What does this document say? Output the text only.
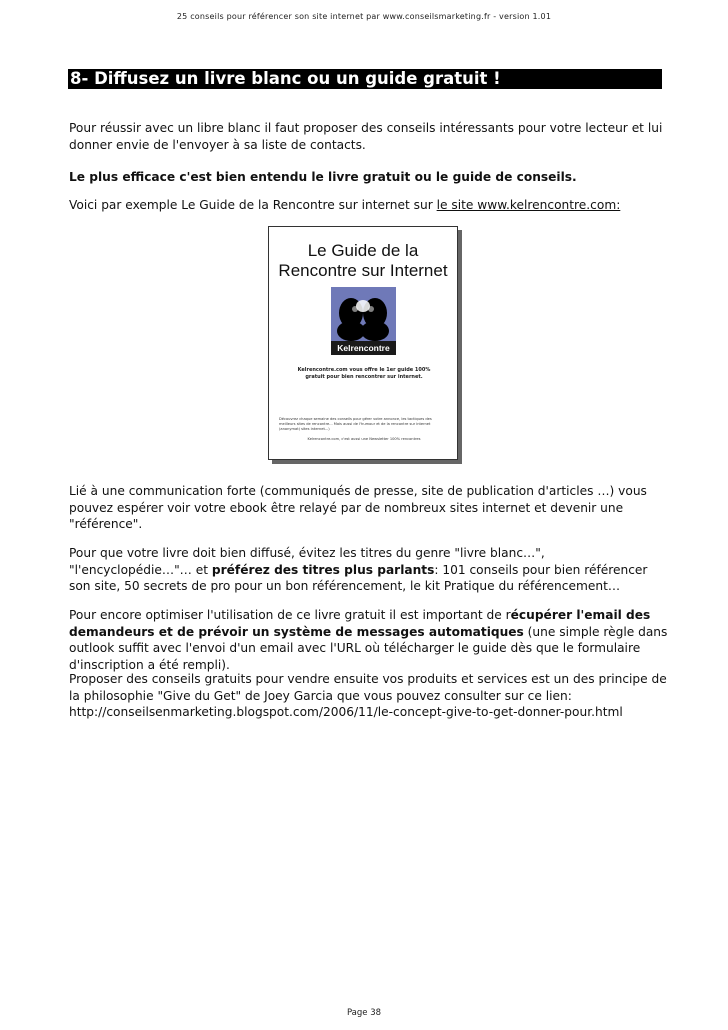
25 conseils pour référencer son site internet par www.conseilsmarketing.fr - version 1.01
8- Diffusez un livre blanc ou un guide gratuit !

Pour réussir avec un libre blanc il faut proposer des conseils intéressants pour votre lecteur et lui donner envie de l'envoyer à sa liste de contacts.

Le plus efficace c'est bien entendu le livre gratuit ou le guide de conseils.

Voici par exemple Le Guide de la Rencontre sur internet sur le site www.kelrencontre.com:

Le Guide de la
Rencontre sur Internet
Kelrencontre
Kelrencontre.com vous offre le 1er guide 100% gratuit pour bien rencontrer sur internet.
Découvrez chaque semaine des conseils pour gérer votre annonce, les tactiques des meilleurs sites de rencontre... Mais aussi de l'humour et de la rencontre sur internet (anonymat) sites internet...)
Kelrencontre.com, c'est aussi une Newsletter 100% rencontres

Lié à une communication forte (communiqués de presse, site de publication d'articles …) vous pouvez espérer voir votre ebook être relayé par de nombreux sites internet et devenir une "référence".

Pour que votre livre doit bien diffusé, évitez les titres du genre "livre blanc…", "l'encyclopédie…"… et préférez des titres plus parlants: 101 conseils pour bien référencer son site, 50 secrets de pro pour un bon référencement, le kit Pratique du référencement…

Pour encore optimiser l'utilisation de ce livre gratuit il est important de récupérer l'email des demandeurs et de prévoir un système de messages automatiques (une simple règle dans outlook suffit avec l'envoi d'un email avec l'URL où télécharger le guide dès que le formulaire d'inscription a été rempli).

Proposer des conseils gratuits pour vendre ensuite vos produits et services est un des principe de la philosophie "Give du Get" de Joey Garcia que vous pouvez consulter sur ce lien: http://conseilsenmarketing.blogspot.com/2006/11/le-concept-give-to-get-donner-pour.html

Page 38
